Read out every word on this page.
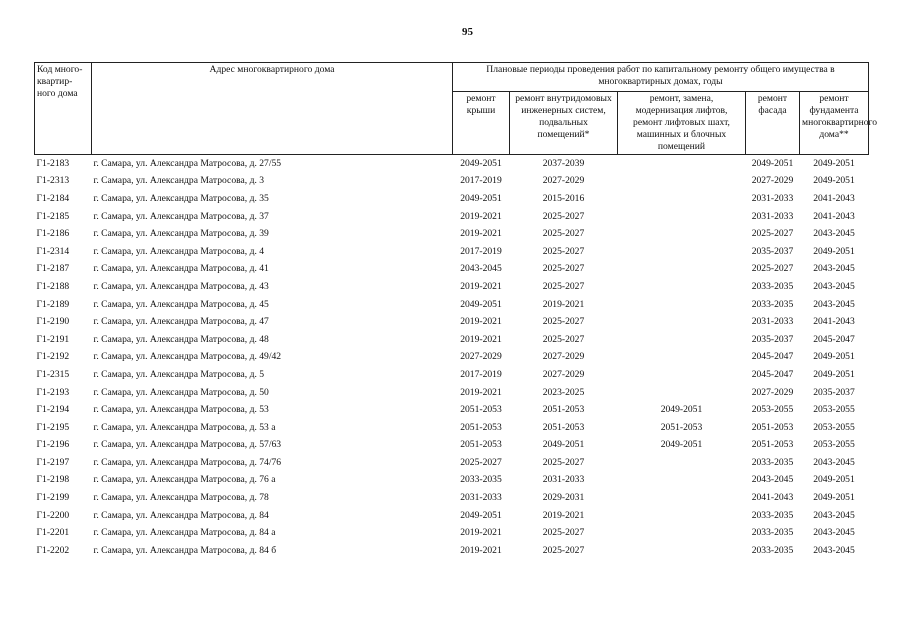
95
Код много-квартир-ного дома	Адрес многоквартирного дома	Плановые периоды проведения работ по капитальному ремонту общего имущества в многоквартирных домах, годы				
		ремонт крыши	ремонт внутридомовых инженерных систем, подвальных помещений*	ремонт, замена, модернизация лифтов, ремонт лифтовых шахт, машинных и блочных помещений	ремонт фасада	ремонт фундамента многоквартирного дома**
Г1-2183	г. Самара, ул. Александра Матросова, д. 27/55	2049-2051	2037-2039		2049-2051	2049-2051
Г1-2313	г. Самара, ул. Александра Матросова, д. 3	2017-2019	2027-2029		2027-2029	2049-2051
Г1-2184	г. Самара, ул. Александра Матросова, д. 35	2049-2051	2015-2016		2031-2033	2041-2043
Г1-2185	г. Самара, ул. Александра Матросова, д. 37	2019-2021	2025-2027		2031-2033	2041-2043
Г1-2186	г. Самара, ул. Александра Матросова, д. 39	2019-2021	2025-2027		2025-2027	2043-2045
Г1-2314	г. Самара, ул. Александра Матросова, д. 4	2017-2019	2025-2027		2035-2037	2049-2051
Г1-2187	г. Самара, ул. Александра Матросова, д. 41	2043-2045	2025-2027		2025-2027	2043-2045
Г1-2188	г. Самара, ул. Александра Матросова, д. 43	2019-2021	2025-2027		2033-2035	2043-2045
Г1-2189	г. Самара, ул. Александра Матросова, д. 45	2049-2051	2019-2021		2033-2035	2043-2045
Г1-2190	г. Самара, ул. Александра Матросова, д. 47	2019-2021	2025-2027		2031-2033	2041-2043
Г1-2191	г. Самара, ул. Александра Матросова, д. 48	2019-2021	2025-2027		2035-2037	2045-2047
Г1-2192	г. Самара, ул. Александра Матросова, д. 49/42	2027-2029	2027-2029		2045-2047	2049-2051
Г1-2315	г. Самара, ул. Александра Матросова, д. 5	2017-2019	2027-2029		2045-2047	2049-2051
Г1-2193	г. Самара, ул. Александра Матросова, д. 50	2019-2021	2023-2025		2027-2029	2035-2037
Г1-2194	г. Самара, ул. Александра Матросова, д. 53	2051-2053	2051-2053	2049-2051	2053-2055	2053-2055
Г1-2195	г. Самара, ул. Александра Матросова, д. 53 а	2051-2053	2051-2053	2051-2053	2051-2053	2053-2055
Г1-2196	г. Самара, ул. Александра Матросова, д. 57/63	2051-2053	2049-2051	2049-2051	2051-2053	2053-2055
Г1-2197	г. Самара, ул. Александра Матросова, д. 74/76	2025-2027	2025-2027		2033-2035	2043-2045
Г1-2198	г. Самара, ул. Александра Матросова, д. 76 а	2033-2035	2031-2033		2043-2045	2049-2051
Г1-2199	г. Самара, ул. Александра Матросова, д. 78	2031-2033	2029-2031		2041-2043	2049-2051
Г1-2200	г. Самара, ул. Александра Матросова, д. 84	2049-2051	2019-2021		2033-2035	2043-2045
Г1-2201	г. Самара, ул. Александра Матросова, д. 84 а	2019-2021	2025-2027		2033-2035	2043-2045
Г1-2202	г. Самара, ул. Александра Матросова, д. 84 б	2019-2021	2025-2027		2033-2035	2043-2045
